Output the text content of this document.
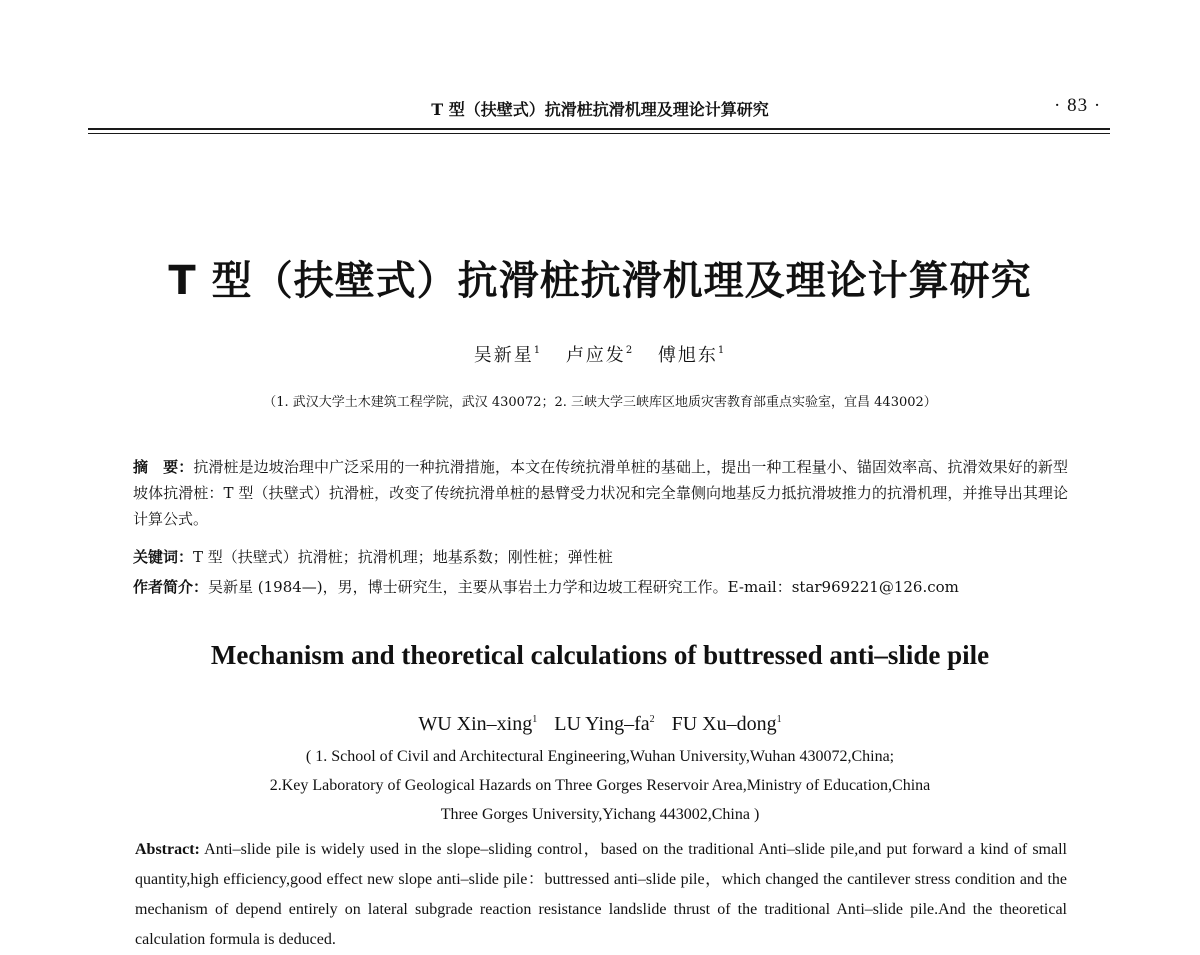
T 型（扶壁式）抗滑桩抗滑机理及理论计算研究	· 83 ·
T 型（扶壁式）抗滑桩抗滑机理及理论计算研究
吴新星$^1$ 卢应发$^2$ 傅旭东$^1$
（1. 武汉大学土木建筑工程学院，武汉 430072；2. 三峡大学三峡库区地质灾害教育部重点实验室，宜昌 443002）
摘　要：抗滑桩是边坡治理中广泛采用的一种抗滑措施，本文在传统抗滑单桩的基础上，提出一种工程量小、锚固效率高、抗滑效果好的新型坡体抗滑桩：T 型（扶壁式）抗滑桩，改变了传统抗滑单桩的悬臂受力状况和完全靠侧向地基反力抵抗滑坡推力的抗滑机理，并推导出其理论计算公式。
关键词：T 型（扶壁式）抗滑桩；抗滑机理；地基系数；刚性桩；弹性桩
作者简介：吴新星 (1984—)，男，博士研究生，主要从事岩土力学和边坡工程研究工作。E-mail：star969221@126.com
Mechanism and theoretical calculations of buttressed anti–slide pile
WU Xin–xing$^1$ LU Ying–$fa^2$ FU Xu–dong$^1$
( 1. School of Civil and Architectural Engineering,Wuhan University,Wuhan 430072,China;
2.Key Laboratory of Geological Hazards on Three Gorges Reservoir Area,Ministry of Education,China
Three Gorges University,Yichang 443002,China )
Abstract: Anti–slide pile is widely used in the slope–sliding control，based on the traditional Anti–slide pile,and put forward a kind of small quantity,high efficiency,good effect new slope anti–slide pile：buttressed anti–slide pile，which changed the cantilever stress condition and the mechanism of depend entirely on lateral subgrade reaction resistance landslide thrust of the traditional Anti–slide pile.And the theoretical calculation formula is deduced.
